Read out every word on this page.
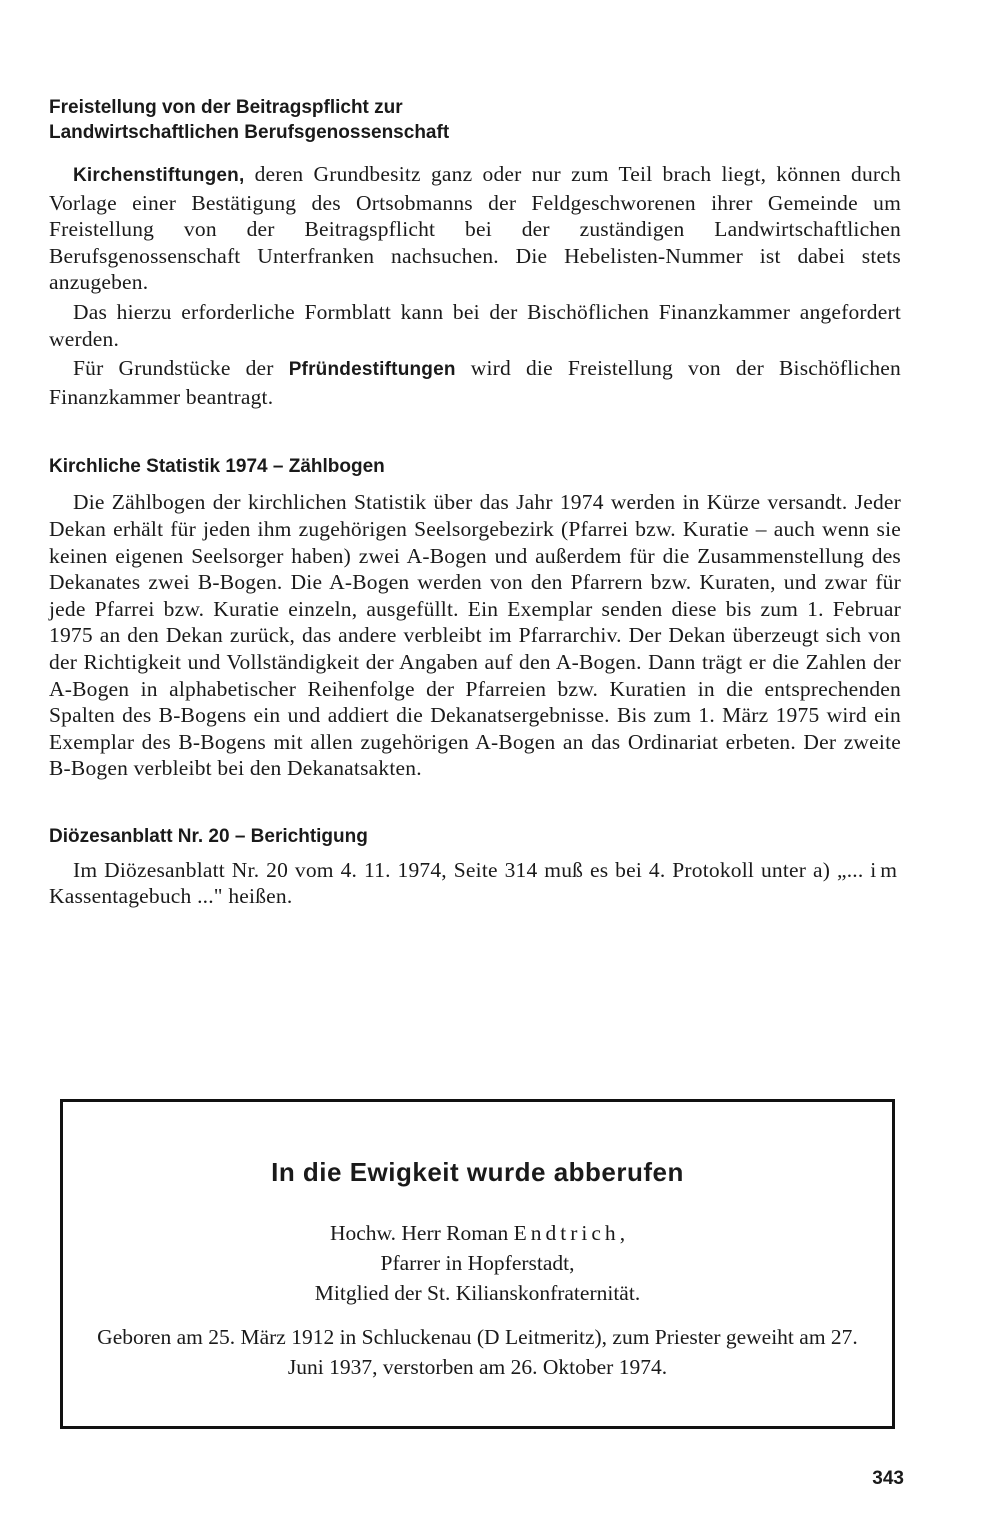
Freistellung von der Beitragspflicht zur
Landwirtschaftlichen Berufsgenossenschaft

Kirchenstiftungen, deren Grundbesitz ganz oder nur zum Teil brach liegt, können durch Vorlage einer Bestätigung des Ortsobmanns der Feldgeschworenen ihrer Gemeinde um Freistellung von der Beitragspflicht bei der zuständigen Landwirtschaftlichen Berufsgenossenschaft Unterfranken nachsuchen. Die Hebelisten-Nummer ist dabei stets anzugeben.

Das hierzu erforderliche Formblatt kann bei der Bischöflichen Finanzkammer angefordert werden.

Für Grundstücke der Pfründestiftungen wird die Freistellung von der Bischöflichen Finanzkammer beantragt.

Kirchliche Statistik 1974 – Zählbogen

Die Zählbogen der kirchlichen Statistik über das Jahr 1974 werden in Kürze versandt. Jeder Dekan erhält für jeden ihm zugehörigen Seelsorgebezirk (Pfarrei bzw. Kuratie – auch wenn sie keinen eigenen Seelsorger haben) zwei A-Bogen und außerdem für die Zusammenstellung des Dekanates zwei B-Bogen. Die A-Bogen werden von den Pfarrern bzw. Kuraten, und zwar für jede Pfarrei bzw. Kuratie einzeln, ausgefüllt. Ein Exemplar senden diese bis zum 1. Februar 1975 an den Dekan zurück, das andere verbleibt im Pfarrarchiv. Der Dekan überzeugt sich von der Richtigkeit und Vollständigkeit der Angaben auf den A-Bogen. Dann trägt er die Zahlen der A-Bogen in alphabetischer Reihenfolge der Pfarreien bzw. Kuratien in die entsprechenden Spalten des B-Bogens ein und addiert die Dekanatsergebnisse. Bis zum 1. März 1975 wird ein Exemplar des B-Bogens mit allen zugehörigen A-Bogen an das Ordinariat erbeten. Der zweite B-Bogen verbleibt bei den Dekanatsakten.

Diözesanblatt Nr. 20 – Berichtigung

Im Diözesanblatt Nr. 20 vom 4. 11. 1974, Seite 314 muß es bei 4. Protokoll unter a) „... im Kassentagebuch ..." heißen.

In die Ewigkeit wurde abberufen

Hochw. Herr Roman Endtrich,

Pfarrer in Hopferstadt,

Mitglied der St. Kilianskonfraternität.

Geboren am 25. März 1912 in Schluckenau (D Leitmeritz), zum Priester geweiht am 27. Juni 1937, verstorben am 26. Oktober 1974.

343
